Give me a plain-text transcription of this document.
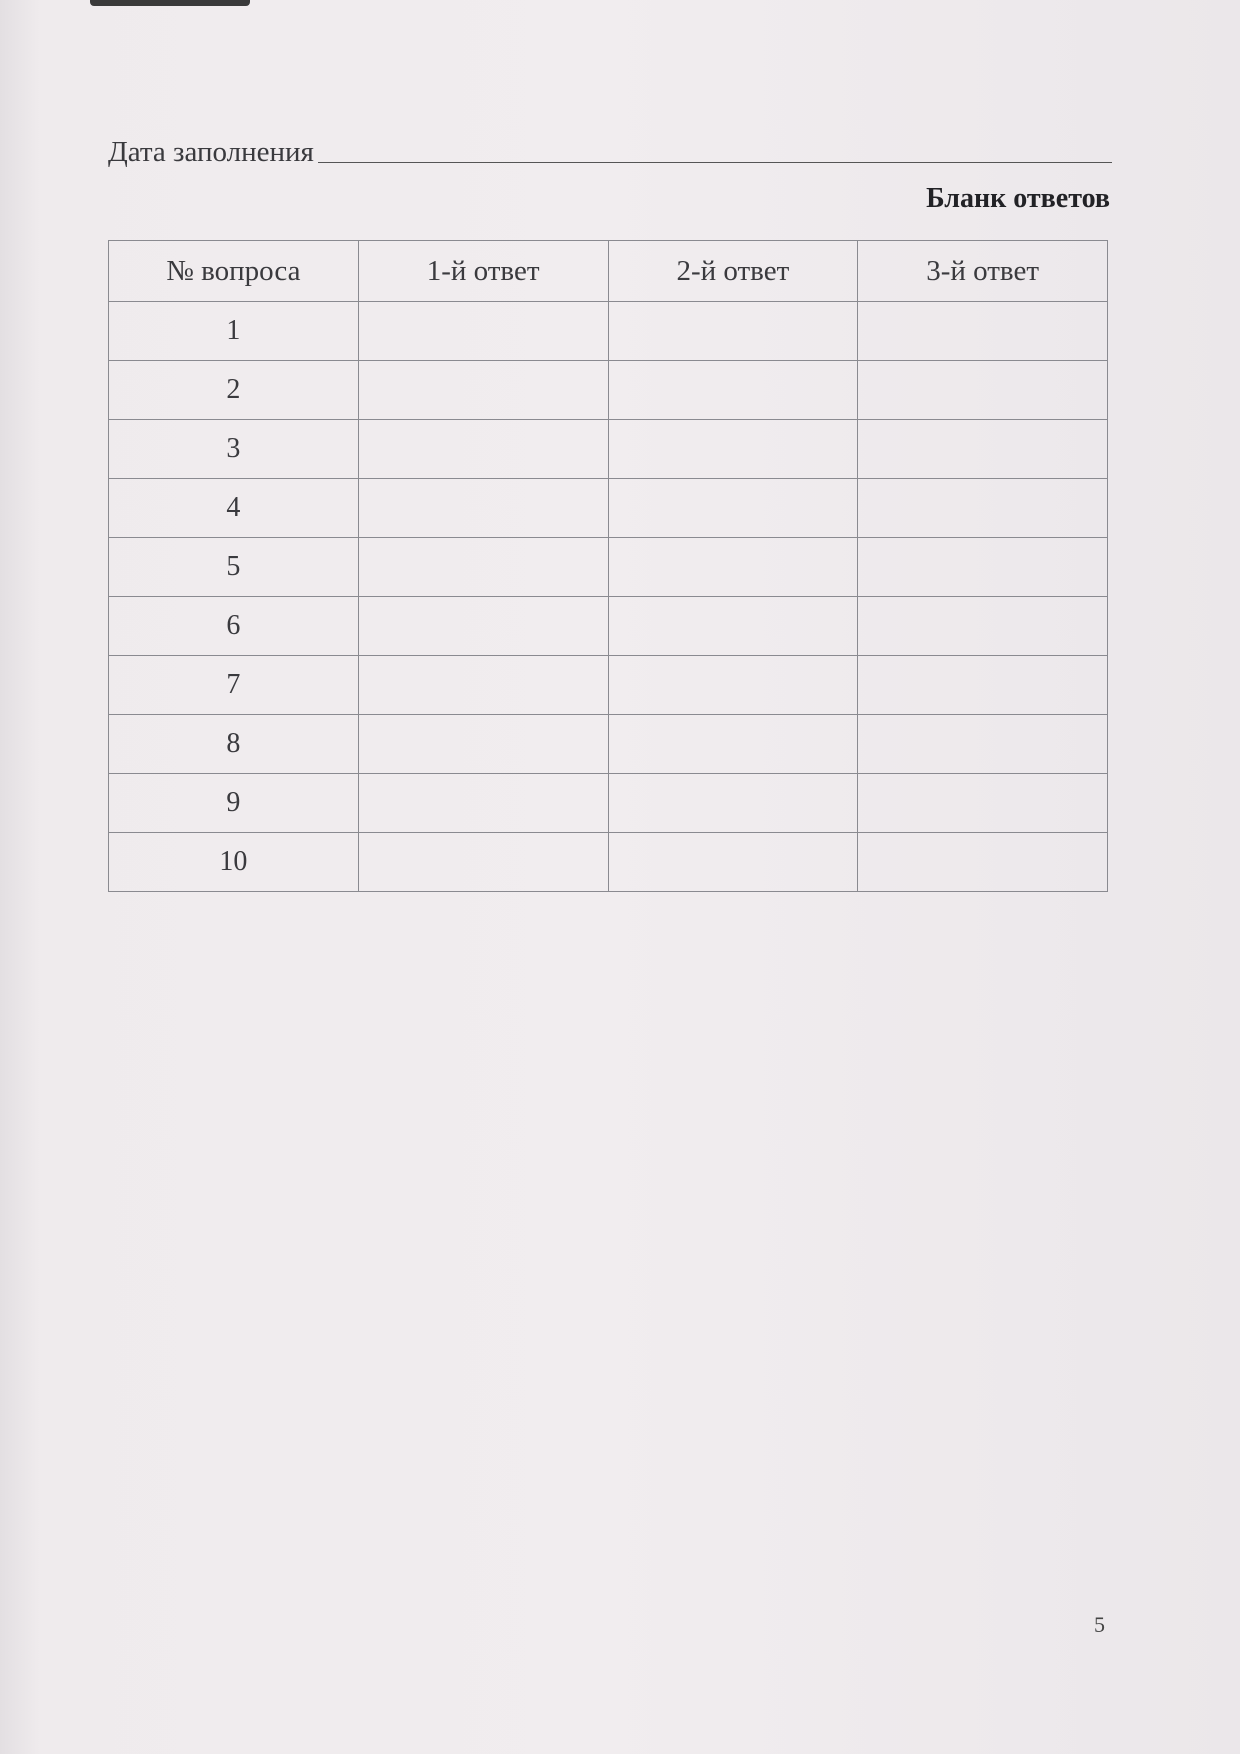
Дата заполнения
Бланк ответов
№ вопроса	1-й ответ	2-й ответ	3-й ответ
1			
2			
3			
4			
5			
6			
7			
8			
9			
10			
5
